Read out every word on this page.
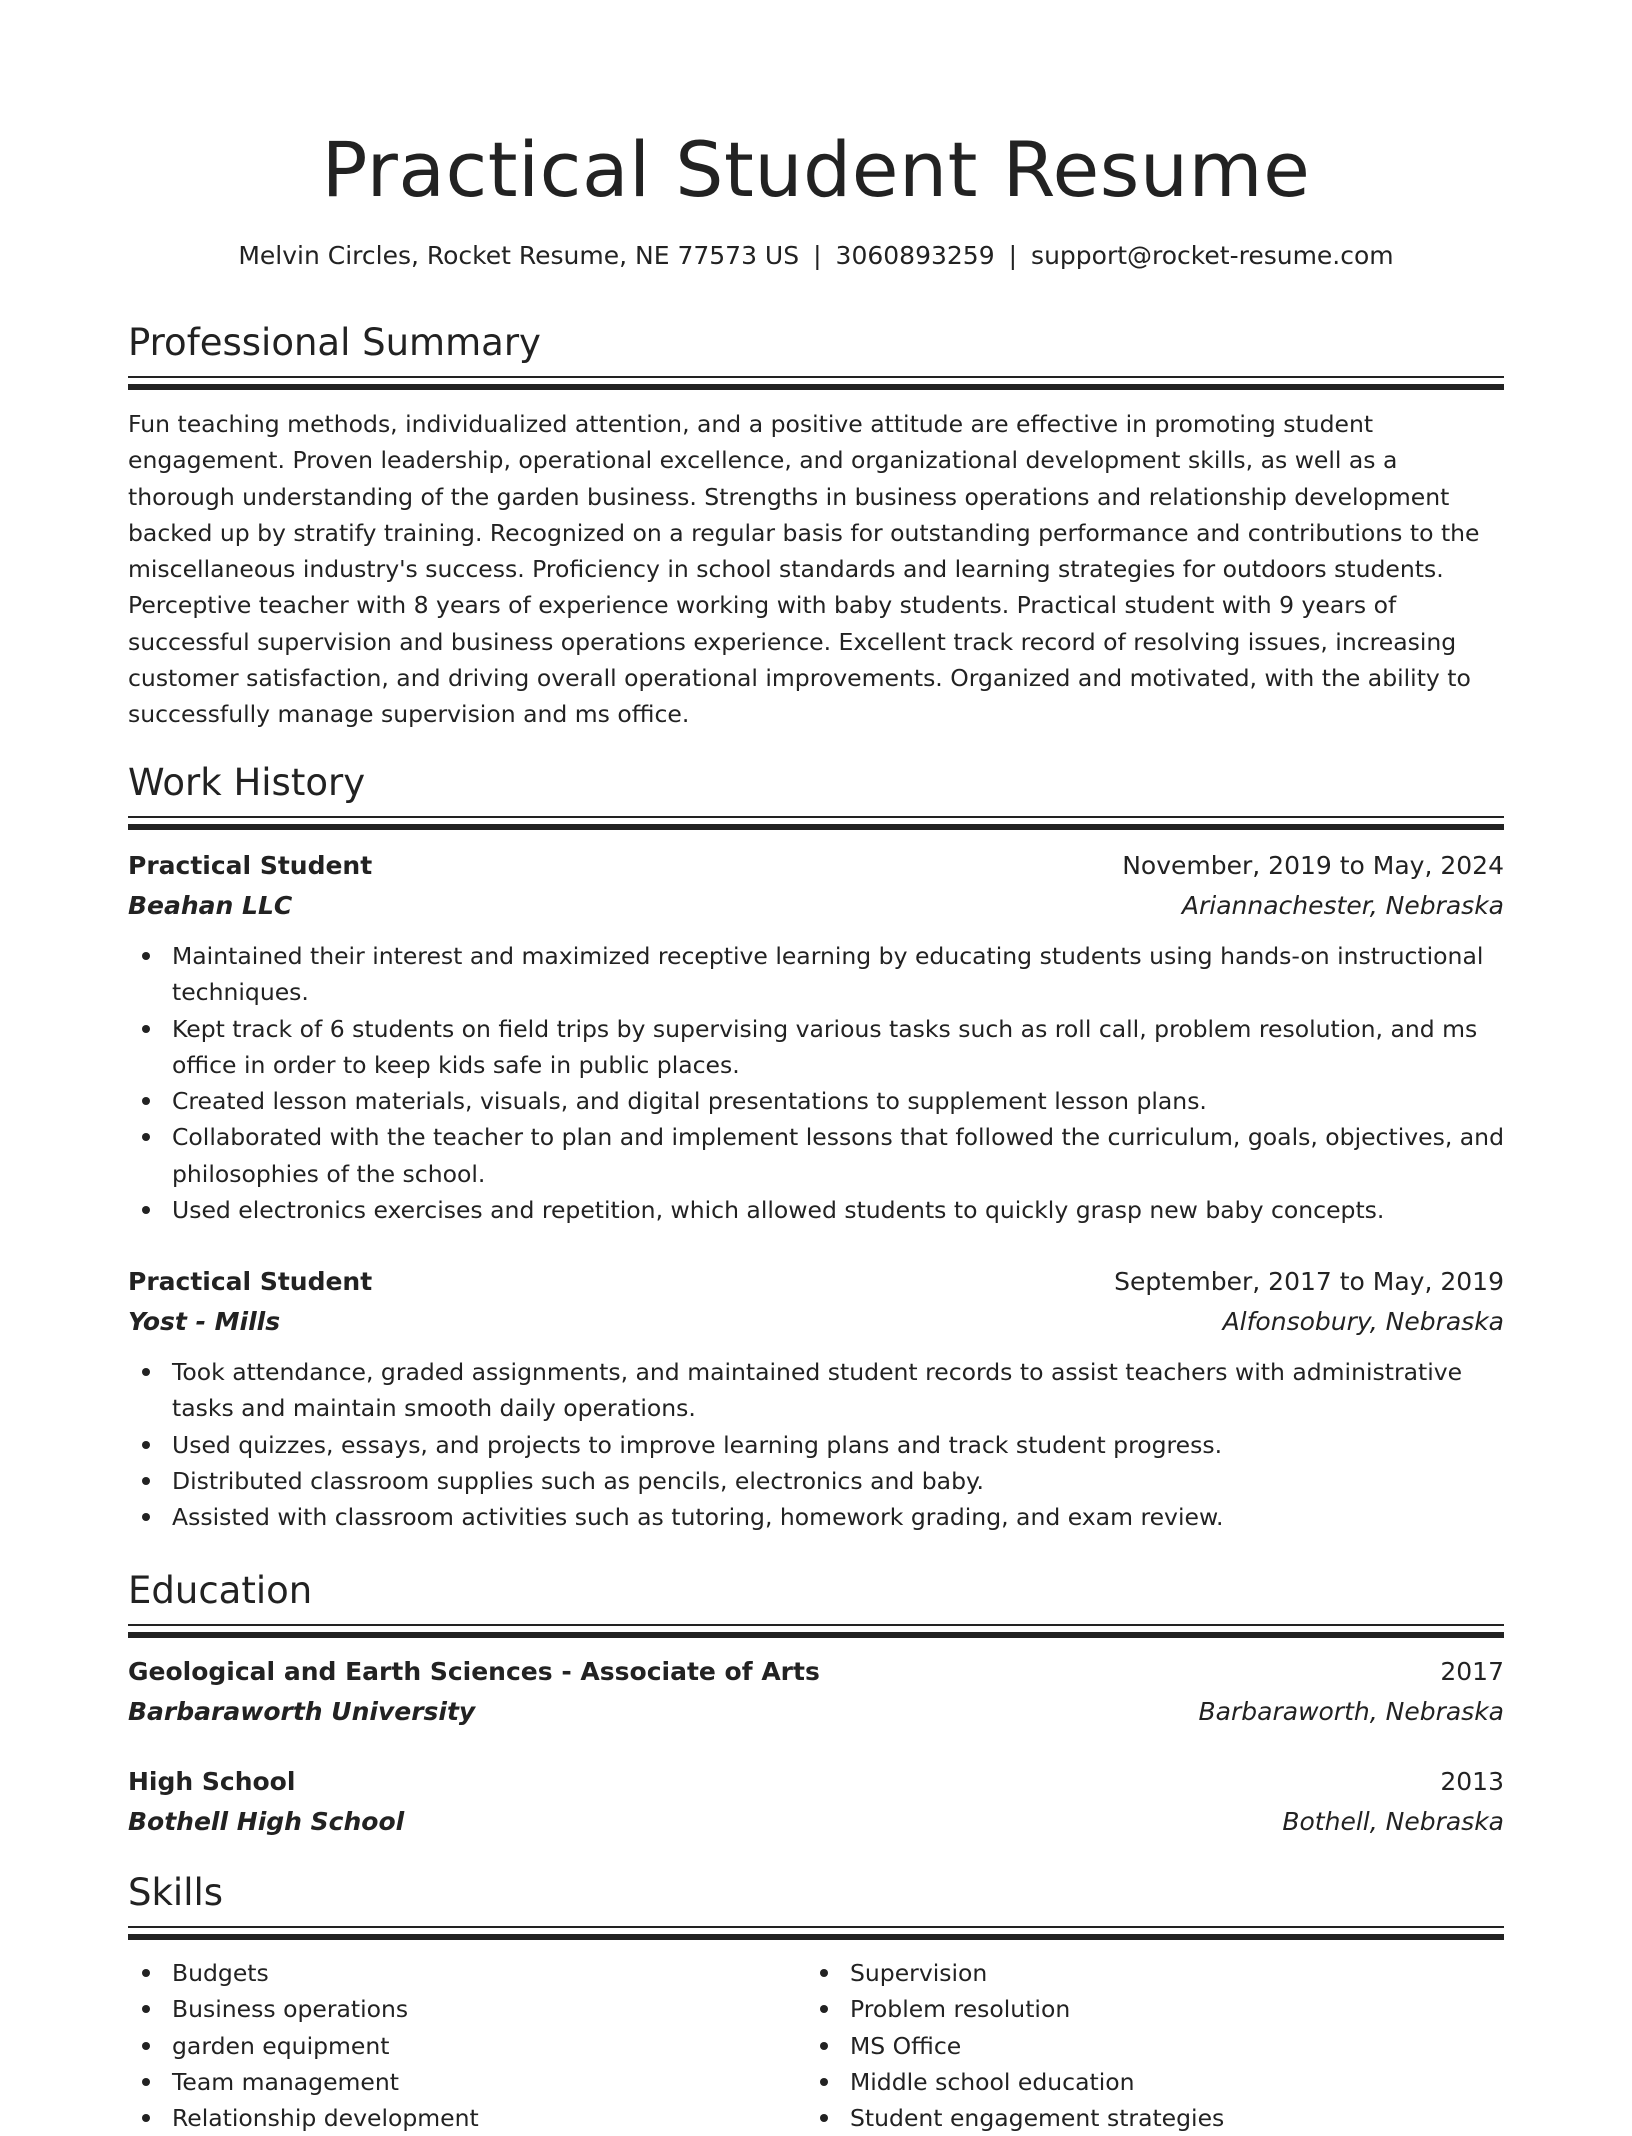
Practical Student Resume
Melvin Circles, Rocket Resume, NE 77573 US | 3060893259 | support@rocket-resume.com
Professional Summary
Fun teaching methods, individualized attention, and a positive attitude are effective in promoting student engagement. Proven leadership, operational excellence, and organizational development skills, as well as a thorough understanding of the garden business. Strengths in business operations and relationship development backed up by stratify training. Recognized on a regular basis for outstanding performance and contributions to the miscellaneous industry's success. Proficiency in school standards and learning strategies for outdoors students. Perceptive teacher with 8 years of experience working with baby students. Practical student with 9 years of successful supervision and business operations experience. Excellent track record of resolving issues, increasing customer satisfaction, and driving overall operational improvements. Organized and motivated, with the ability to successfully manage supervision and ms office.
Work History
Practical Student	November, 2019 to May, 2024
Beahan LLC	Ariannachester, Nebraska
Maintained their interest and maximized receptive learning by educating students using hands-on instructional techniques.
Kept track of 6 students on field trips by supervising various tasks such as roll call, problem resolution, and ms office in order to keep kids safe in public places.
Created lesson materials, visuals, and digital presentations to supplement lesson plans.
Collaborated with the teacher to plan and implement lessons that followed the curriculum, goals, objectives, and philosophies of the school.
Used electronics exercises and repetition, which allowed students to quickly grasp new baby concepts.
Practical Student	September, 2017 to May, 2019
Yost - Mills	Alfonsobury, Nebraska
Took attendance, graded assignments, and maintained student records to assist teachers with administrative tasks and maintain smooth daily operations.
Used quizzes, essays, and projects to improve learning plans and track student progress.
Distributed classroom supplies such as pencils, electronics and baby.
Assisted with classroom activities such as tutoring, homework grading, and exam review.
Education
Geological and Earth Sciences - Associate of Arts	2017
Barbaraworth University	Barbaraworth, Nebraska
High School	2013
Bothell High School	Bothell, Nebraska
Skills
Budgets
Business operations
garden equipment
Team management
Relationship development
Supervision
Problem resolution
MS Office
Middle school education
Student engagement strategies
